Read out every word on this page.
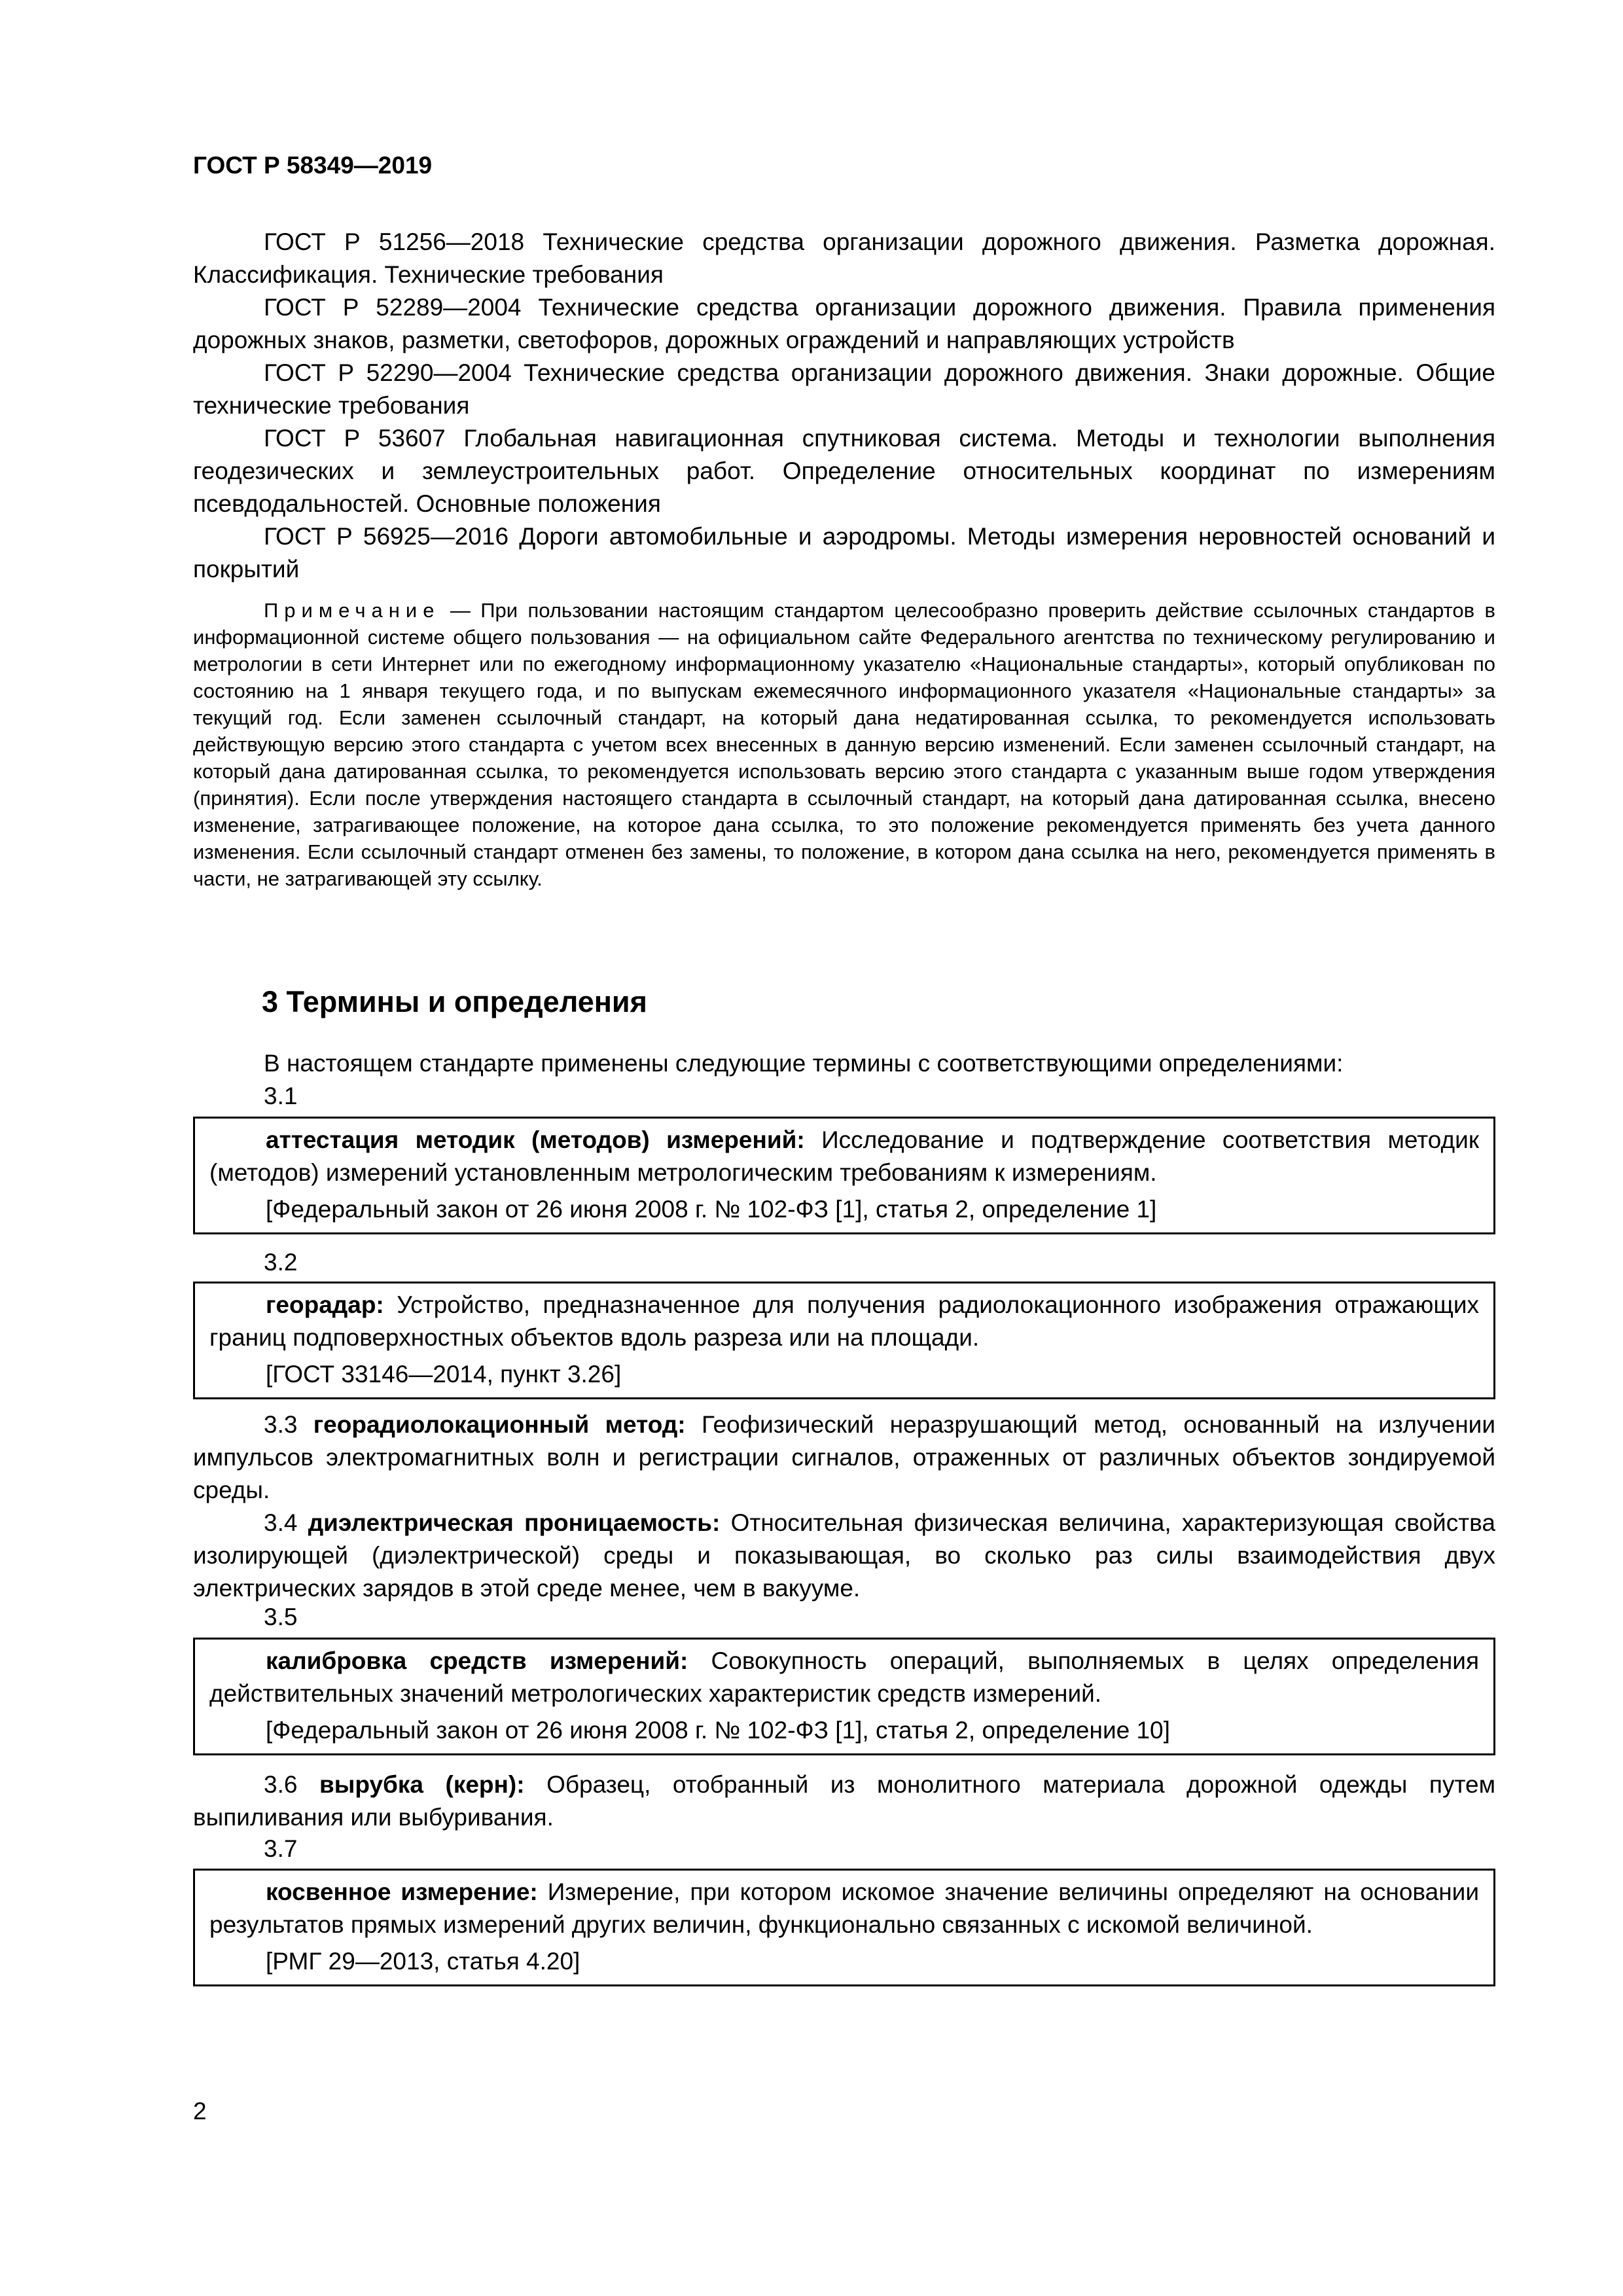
ГОСТ Р 58349—2019

ГОСТ Р 51256—2018 Технические средства организации дорожного движения. Разметка дорожная. Классификация. Технические требования

ГОСТ Р 52289—2004 Технические средства организации дорожного движения. Правила применения дорожных знаков, разметки, светофоров, дорожных ограждений и направляющих устройств

ГОСТ Р 52290—2004 Технические средства организации дорожного движения. Знаки дорожные. Общие технические требования

ГОСТ Р 53607 Глобальная навигационная спутниковая система. Методы и технологии выполнения геодезических и землеустроительных работ. Определение относительных координат по измерениям псевдодальностей. Основные положения

ГОСТ Р 56925—2016 Дороги автомобильные и аэродромы. Методы измерения неровностей оснований и покрытий

Примечание — При пользовании настоящим стандартом целесообразно проверить действие ссылочных стандартов в информационной системе общего пользования — на официальном сайте Федерального агентства по техническому регулированию и метрологии в сети Интернет или по ежегодному информационному указателю «Национальные стандарты», который опубликован по состоянию на 1 января текущего года, и по выпускам ежемесячного информационного указателя «Национальные стандарты» за текущий год. Если заменен ссылочный стандарт, на который дана недатированная ссылка, то рекомендуется использовать действующую версию этого стандарта с учетом всех внесенных в данную версию изменений. Если заменен ссылочный стандарт, на который дана датированная ссылка, то рекомендуется использовать версию этого стандарта с указанным выше годом утверждения (принятия). Если после утверждения настоящего стандарта в ссылочный стандарт, на который дана датированная ссылка, внесено изменение, затрагивающее положение, на которое дана ссылка, то это положение рекомендуется применять без учета данного изменения. Если ссылочный стандарт отменен без замены, то положение, в котором дана ссылка на него, рекомендуется применять в части, не затрагивающей эту ссылку.

3 Термины и определения
В настоящем стандарте применены следующие термины с соответствующими определениями:
3.1

аттестация методик (методов) измерений: Исследование и подтверждение соответствия методик (методов) измерений установленным метрологическим требованиям к измерениям.

[Федеральный закон от 26 июня 2008 г. № 102-ФЗ [1], статья 2, определение 1]

3.2

георадар: Устройство, предназначенное для получения радиолокационного изображения отражающих границ подповерхностных объектов вдоль разреза или на площади.

[ГОСТ 33146—2014, пункт 3.26]

3.3 георадиолокационный метод: Геофизический неразрушающий метод, основанный на излучении импульсов электромагнитных волн и регистрации сигналов, отраженных от различных объектов зондируемой среды.

3.4 диэлектрическая проницаемость: Относительная физическая величина, характеризующая свойства изолирующей (диэлектрической) среды и показывающая, во сколько раз силы взаимодействия двух электрических зарядов в этой среде менее, чем в вакууме.

3.5

калибровка средств измерений: Совокупность операций, выполняемых в целях определения действительных значений метрологических характеристик средств измерений.

[Федеральный закон от 26 июня 2008 г. № 102-ФЗ [1], статья 2, определение 10]

3.6 вырубка (керн): Образец, отобранный из монолитного материала дорожной одежды путем выпиливания или выбуривания.

3.7

косвенное измерение: Измерение, при котором искомое значение величины определяют на основании результатов прямых измерений других величин, функционально связанных с искомой величиной.

[РМГ 29—2013, статья 4.20]

2
